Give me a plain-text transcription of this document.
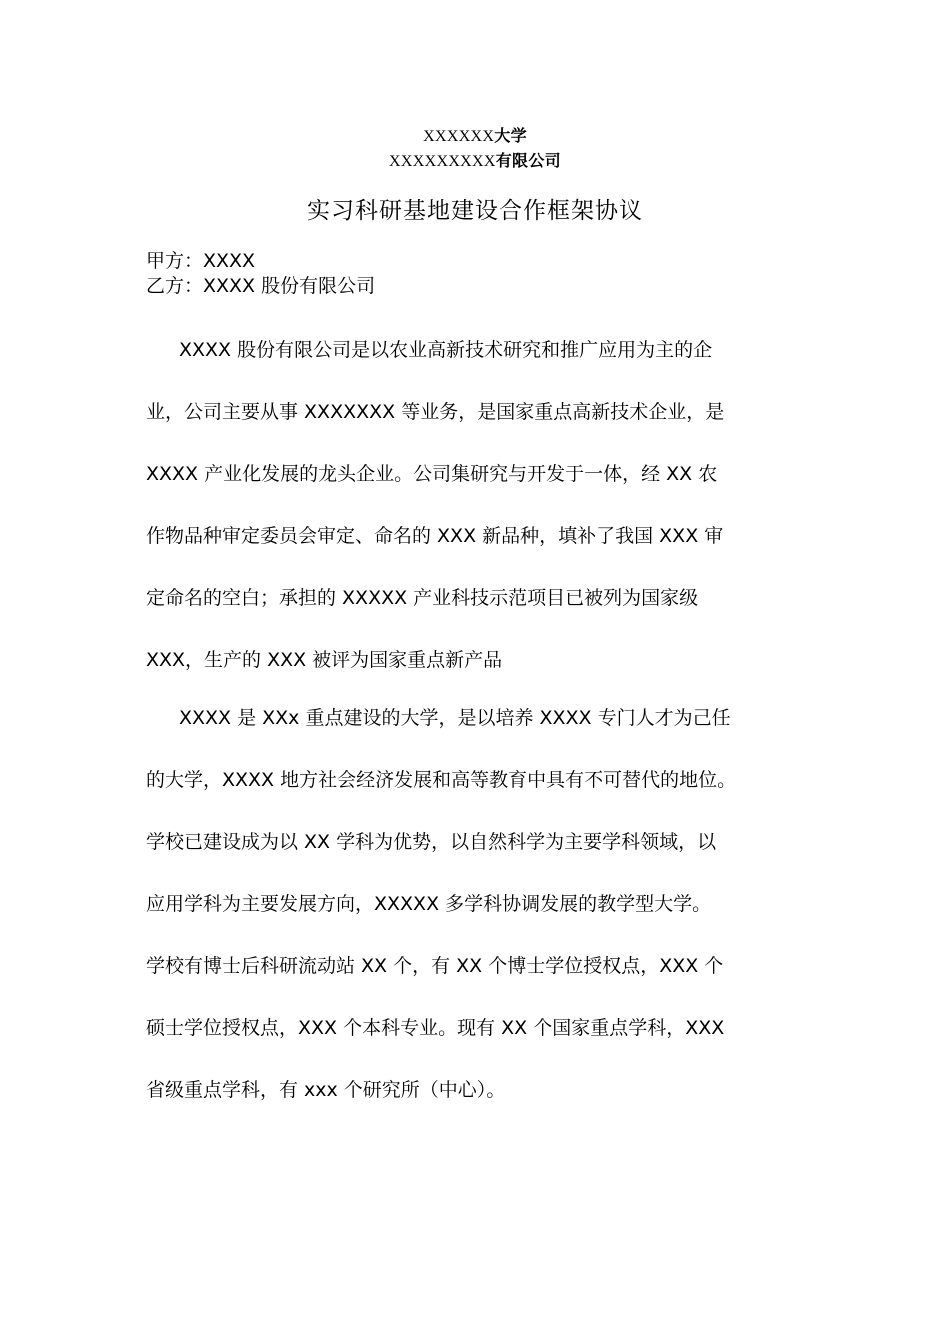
XXXXXX大学
XXXXXXXXX有限公司
实习科研基地建设合作框架协议
甲方：XXXX
乙方：XXXX 股份有限公司
XXXX 股份有限公司是以农业高新技术研究和推广应用为主的企
业，公司主要从事 XXXXXXX 等业务，是国家重点高新技术企业，是
XXXX 产业化发展的龙头企业。公司集研究与开发于一体，经 XX 农
作物品种审定委员会审定、命名的 XXX 新品种，填补了我国 XXX 审
定命名的空白；承担的 XXXXX 产业科技示范项目已被列为国家级
XXX，生产的 XXX 被评为国家重点新产品
XXXX 是 XXx 重点建设的大学，是以培养 XXXX 专门人才为己任
的大学，XXXX 地方社会经济发展和高等教育中具有不可替代的地位。
学校已建设成为以 XX 学科为优势，以自然科学为主要学科领域，以
应用学科为主要发展方向，XXXXX 多学科协调发展的教学型大学。
学校有博士后科研流动站 XX 个，有 XX 个博士学位授权点，XXX 个
硕士学位授权点，XXX 个本科专业。现有 XX 个国家重点学科，XXX
省级重点学科，有 xxx 个研究所（中心）。
